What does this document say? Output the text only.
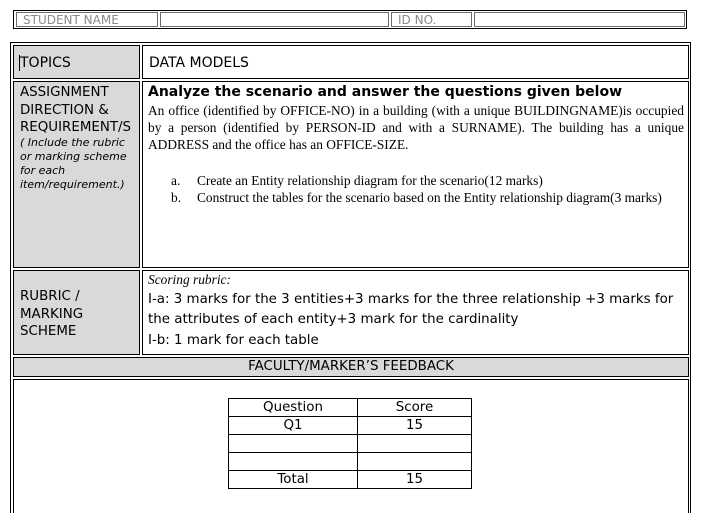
STUDENT NAME	ID NO.
TOPICS	DATA MODELS
ASSIGNMENT
DIRECTION &
REQUIREMENT/S
( Include the rubric
or marking scheme
for each
item/requirement.)
Analyze the scenario and answer the questions given below
An office (identified by OFFICE-NO) in a building (with a unique BUILDINGNAME)is occupied by a person (identified by PERSON-ID and with a SURNAME). The building has a unique ADDRESS and the office has an OFFICE-SIZE.
a. Create an Entity relationship diagram for the scenario(12 marks)
b. Construct the tables for the scenario based on the Entity relationship diagram(3 marks)
RUBRIC /
MARKING
SCHEME
Scoring rubric:
I-a: 3 marks for the 3 entities+3 marks for the three relationship +3 marks for the attributes of each entity+3 mark for the cardinality
I-b: 1 mark for each table
FACULTY/MARKER’S FEEDBACK
Question	Score
Q1	15

Total	15
